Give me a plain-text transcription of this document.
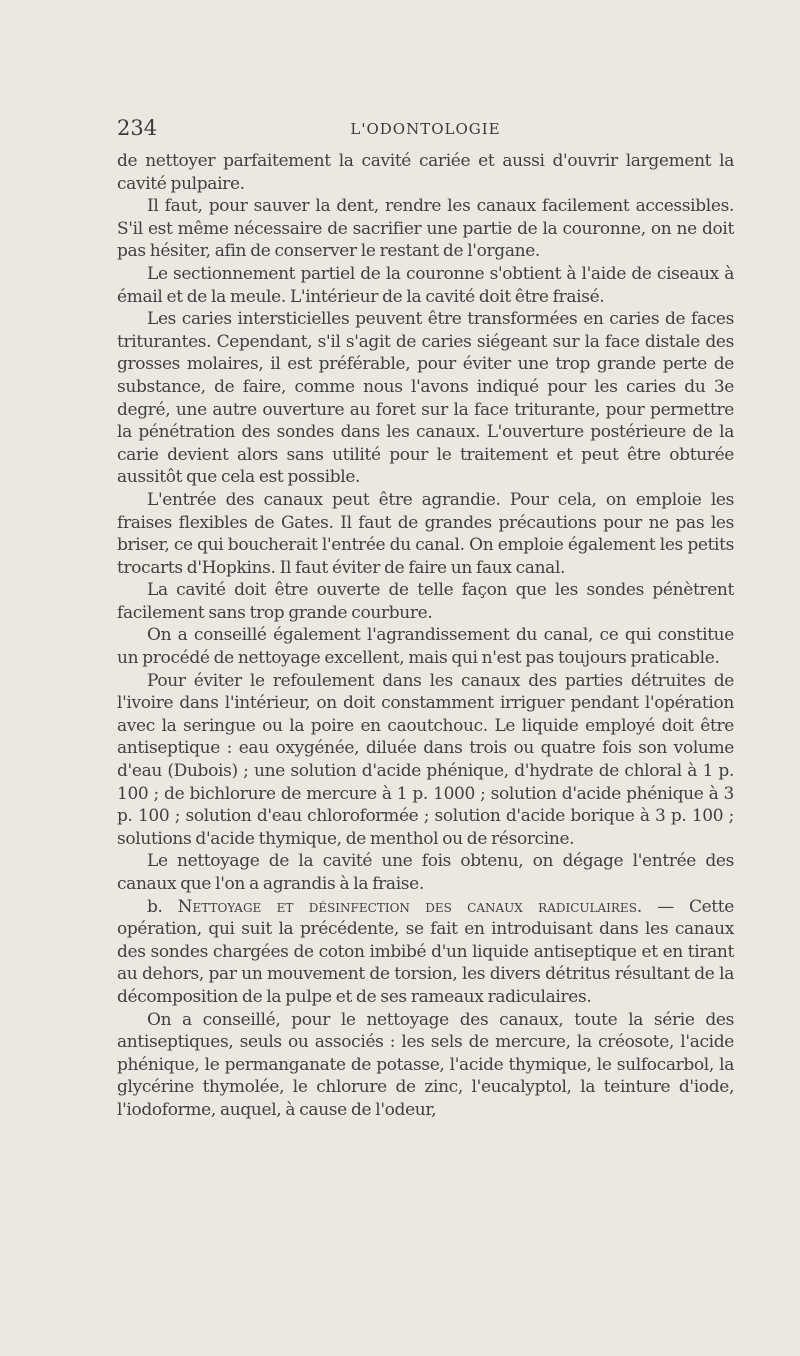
234	L'ODONTOLOGIE

de nettoyer parfaitement la cavité cariée et aussi d'ouvrir largement la cavité pulpaire.

Il faut, pour sauver la dent, rendre les canaux facilement accessibles. S'il est même nécessaire de sacrifier une partie de la couronne, on ne doit pas hésiter, afin de conserver le restant de l'organe.

Le sectionnement partiel de la couronne s'obtient à l'aide de ciseaux à émail et de la meule. L'intérieur de la cavité doit être fraisé.

Les caries intersticielles peuvent être transformées en caries de faces triturantes. Cependant, s'il s'agit de caries siégeant sur la face distale des grosses molaires, il est préférable, pour éviter une trop grande perte de substance, de faire, comme nous l'avons indiqué pour les caries du 3e degré, une autre ouverture au foret sur la face triturante, pour permettre la pénétration des sondes dans les canaux. L'ouverture postérieure de la carie devient alors sans utilité pour le traitement et peut être obturée aussitôt que cela est possible.

L'entrée des canaux peut être agrandie. Pour cela, on emploie les fraises flexibles de Gates. Il faut de grandes précautions pour ne pas les briser, ce qui boucherait l'entrée du canal. On emploie également les petits trocarts d'Hopkins. Il faut éviter de faire un faux canal.

La cavité doit être ouverte de telle façon que les sondes pénètrent facilement sans trop grande courbure.

On a conseillé également l'agrandissement du canal, ce qui constitue un procédé de nettoyage excellent, mais qui n'est pas toujours praticable.

Pour éviter le refoulement dans les canaux des parties détruites de l'ivoire dans l'intérieur, on doit constamment irriguer pendant l'opération avec la seringue ou la poire en caoutchouc. Le liquide employé doit être antiseptique : eau oxygénée, diluée dans trois ou quatre fois son volume d'eau (Dubois) ; une solution d'acide phénique, d'hydrate de chloral à 1 p. 100 ; de bichlorure de mercure à 1 p. 1000 ; solution d'acide phénique à 3 p. 100 ; solution d'eau chloroformée ; solution d'acide borique à 3 p. 100 ; solutions d'acide thymique, de menthol ou de résorcine.

Le nettoyage de la cavité une fois obtenu, on dégage l'entrée des canaux que l'on a agrandis à la fraise.

b. Nettoyage et désinfection des canaux radiculaires. — Cette opération, qui suit la précédente, se fait en introduisant dans les canaux des sondes chargées de coton imbibé d'un liquide antiseptique et en tirant au dehors, par un mouvement de torsion, les divers détritus résultant de la décomposition de la pulpe et de ses rameaux radiculaires.

On a conseillé, pour le nettoyage des canaux, toute la série des antiseptiques, seuls ou associés : les sels de mercure, la créosote, l'acide phénique, le permanganate de potasse, l'acide thymique, le sulfocarbol, la glycérine thymolée, le chlorure de zinc, l'eucalyptol, la teinture d'iode, l'iodoforme, auquel, à cause de l'odeur,
